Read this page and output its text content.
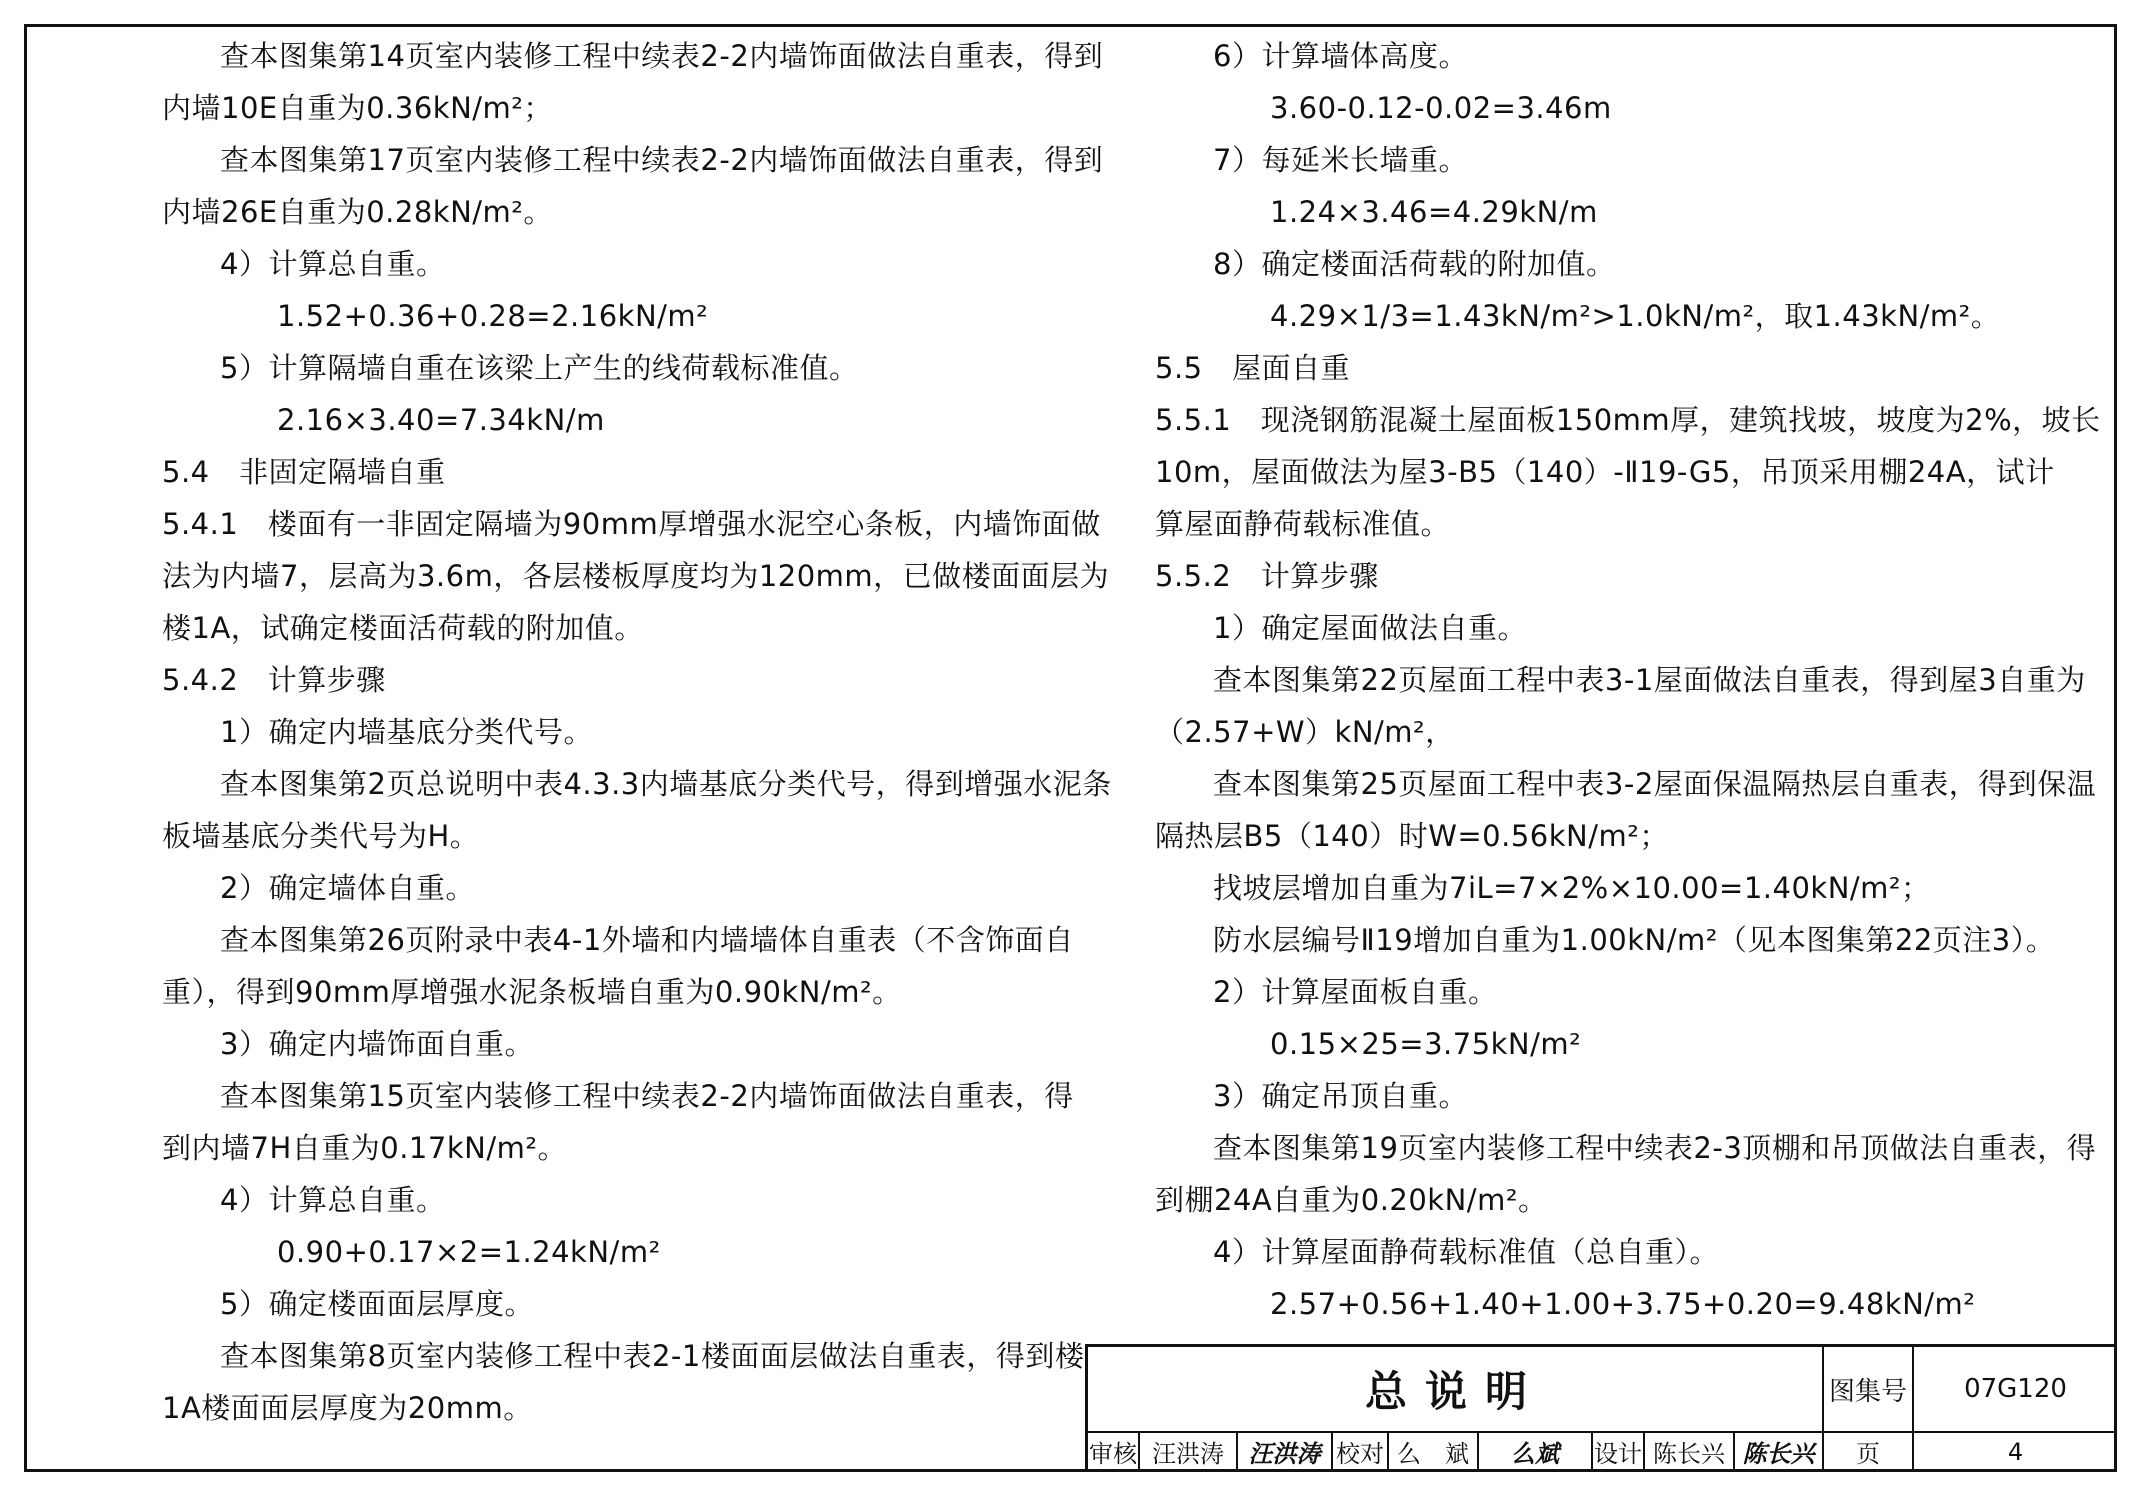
查本图集第14页室内装修工程中续表2-2内墙饰面做法自重表，得到
内墙10E自重为0.36kN/m²；
查本图集第17页室内装修工程中续表2-2内墙饰面做法自重表，得到
内墙26E自重为0.28kN/m²。
4）计算总自重。
1.52+0.36+0.28=2.16kN/m²
5）计算隔墙自重在该梁上产生的线荷载标准值。
2.16×3.40=7.34kN/m
5.4　非固定隔墙自重
5.4.1　楼面有一非固定隔墙为90mm厚增强水泥空心条板，内墙饰面做
法为内墙7，层高为3.6m，各层楼板厚度均为120mm，已做楼面面层为
楼1A，试确定楼面活荷载的附加值。
5.4.2　计算步骤
1）确定内墙基底分类代号。
查本图集第2页总说明中表4.3.3内墙基底分类代号，得到增强水泥条
板墙基底分类代号为H。
2）确定墙体自重。
查本图集第26页附录中表4-1外墙和内墙墙体自重表（不含饰面自
重），得到90mm厚增强水泥条板墙自重为0.90kN/m²。
3）确定内墙饰面自重。
查本图集第15页室内装修工程中续表2-2内墙饰面做法自重表，得
到内墙7H自重为0.17kN/m²。
4）计算总自重。
0.90+0.17×2=1.24kN/m²
5）确定楼面面层厚度。
查本图集第8页室内装修工程中表2-1楼面面层做法自重表，得到楼
1A楼面面层厚度为20mm。
6）计算墙体高度。
3.60-0.12-0.02=3.46m
7）每延米长墙重。
1.24×3.46=4.29kN/m
8）确定楼面活荷载的附加值。
4.29×1/3=1.43kN/m²>1.0kN/m²，取1.43kN/m²。
5.5　屋面自重
5.5.1　现浇钢筋混凝土屋面板150mm厚，建筑找坡，坡度为2%，坡长
10m，屋面做法为屋3-B5（140）-Ⅱ19-G5，吊顶采用棚24A，试计
算屋面静荷载标准值。
5.5.2　计算步骤
1）确定屋面做法自重。
查本图集第22页屋面工程中表3-1屋面做法自重表，得到屋3自重为
（2.57+W）kN/m²，
查本图集第25页屋面工程中表3-2屋面保温隔热层自重表，得到保温
隔热层B5（140）时W=0.56kN/m²；
找坡层增加自重为7iL=7×2%×10.00=1.40kN/m²；
防水层编号Ⅱ19增加自重为1.00kN/m²（见本图集第22页注3）。
2）计算屋面板自重。
0.15×25=3.75kN/m²
3）确定吊顶自重。
查本图集第19页室内装修工程中续表2-3顶棚和吊顶做法自重表，得
到棚24A自重为0.20kN/m²。
4）计算屋面静荷载标准值（总自重）。
2.57+0.56+1.40+1.00+3.75+0.20=9.48kN/m²
总说明	图集号	07G120
审核 汪洪涛	汪洪涛 校对 么　斌	么斌	设计 陈长兴 陈长兴	页	4
